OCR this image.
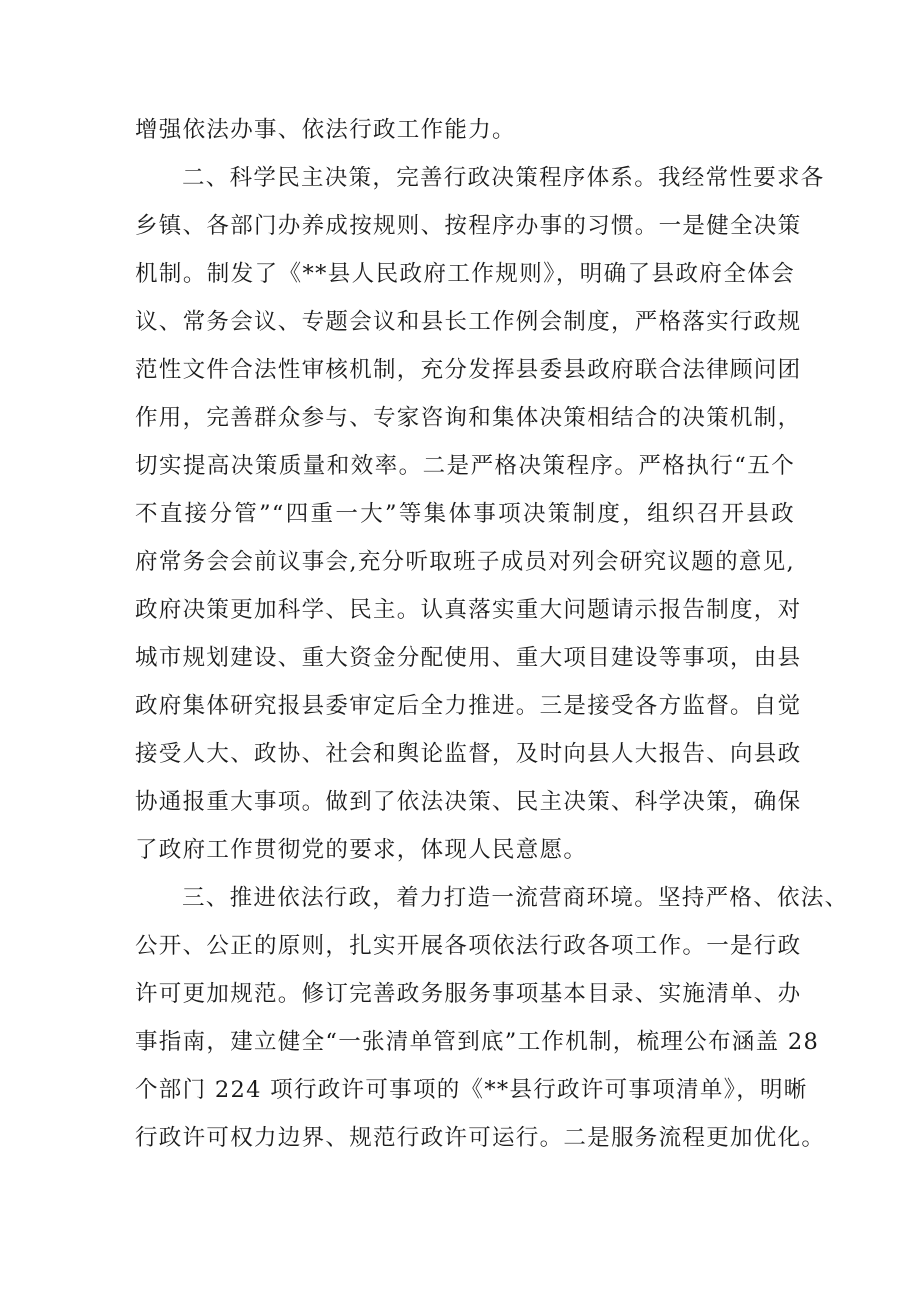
增强依法办事、依法行政工作能力。
二、科学民主决策，完善行政决策程序体系。我经常性要求各
乡镇、各部门办养成按规则、按程序办事的习惯。一是健全决策
机制。制发了《**县人民政府工作规则》，明确了县政府全体会
议、常务会议、专题会议和县长工作例会制度，严格落实行政规
范性文件合法性审核机制，充分发挥县委县政府联合法律顾问团
作用，完善群众参与、专家咨询和集体决策相结合的决策机制，
切实提高决策质量和效率。二是严格决策程序。严格执行“五个
不直接分管”“四重一大”等集体事项决策制度，组织召开县政
府常务会会前议事会,充分听取班子成员对列会研究议题的意见,
政府决策更加科学、民主。认真落实重大问题请示报告制度，对
城市规划建设、重大资金分配使用、重大项目建设等事项，由县
政府集体研究报县委审定后全力推进。三是接受各方监督。自觉
接受人大、政协、社会和舆论监督，及时向县人大报告、向县政
协通报重大事项。做到了依法决策、民主决策、科学决策，确保
了政府工作贯彻党的要求，体现人民意愿。
三、推进依法行政，着力打造一流营商环境。坚持严格、依法、
公开、公正的原则，扎实开展各项依法行政各项工作。一是行政
许可更加规范。修订完善政务服务事项基本目录、实施清单、办
事指南，建立健全“一张清单管到底”工作机制，梳理公布涵盖 28
个部门 224 项行政许可事项的《**县行政许可事项清单》，明晰
行政许可权力边界、规范行政许可运行。二是服务流程更加优化。
